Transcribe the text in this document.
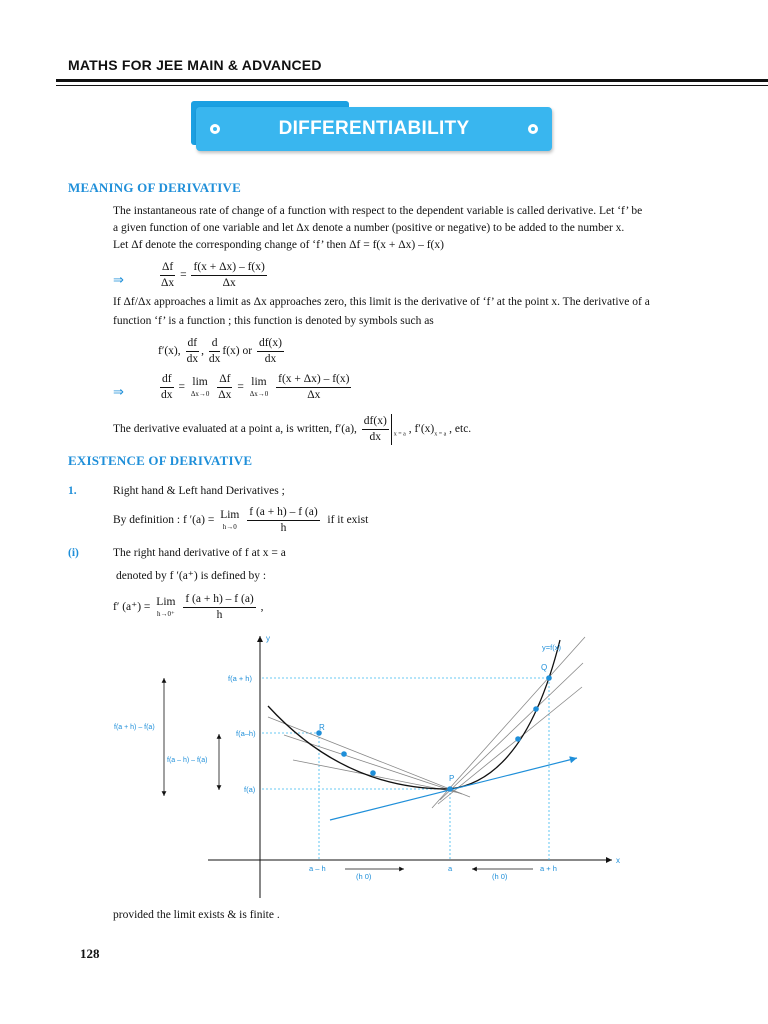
MATHS FOR JEE MAIN & ADVANCED
DIFFERENTIABILITY
MEANING OF DERIVATIVE
The instantaneous rate of change of a function with respect to the dependent variable is called derivative. Let ‘f’ be
a given function of one variable and let Δx denote a number (positive or negative) to be added to the number x.
Let Δf denote the corresponding change of ‘f’ then Δf = f(x + Δx) – f(x)
⇒	$\frac{\Delta f}{\Delta x} = \frac{f(x + \Delta x) - f(x)}{\Delta x}$
If Δf/Δx approaches a limit as Δx approaches zero, this limit is the derivative of ‘f’ at the point x. The derivative of a
function ‘f’ is a function ; this function is denoted by symbols such as
f′(x), $\frac{df}{dx}$ , $\frac{d}{dx} f(x)$ or $\frac{df(x)}{dx}$
⇒	$\frac{df}{dx} = \lim$
Δx→0
$\frac{\Delta f}{\Delta x} = \lim$
Δx→0
$\frac{f(x + \Delta x) - f(x)}{\Delta x}$
The derivative evaluated at a point a, is written, f′(a), $\frac{df(x)}{dx} _{x = a}$ , $f'(x)_{x = a}$ , etc.
EXISTENCE OF DERIVATIVE
1.	Right hand & Left hand Derivatives ;
By definition : f ′(a) = Lim
h→0
$\frac{f (a + h) - f (a)}{h}$ if it exist
(i)	The right hand derivative of f at x = a
denoted by f ′(a⁺) is defined by :
f′ (a⁺) = Lim
h→0⁺
$\frac{f (a + h) - f (a)}{h}$ ,
y
x
y=f(x)
Q
R
P
f(a + h)
f(a–h)
f(a)
f(a + h) – f(a)
f(a – h) – f(a)
a – h	a	a + h
(h 0)	(h 0)
provided the limit exists & is finite .
128
